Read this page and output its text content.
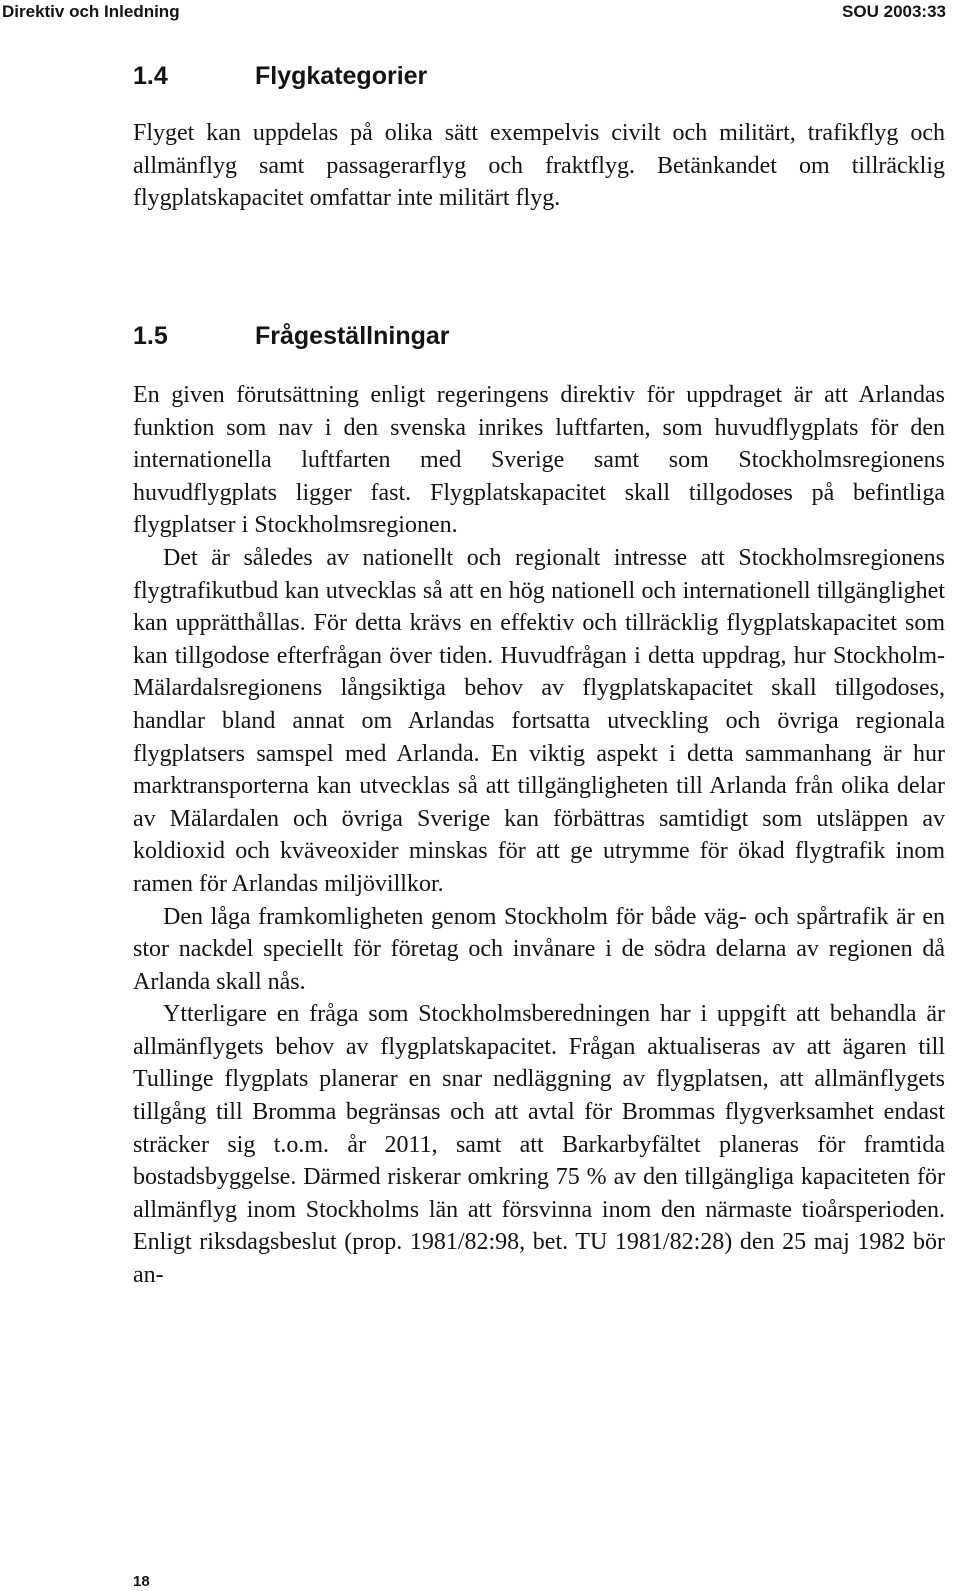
Direktiv och Inledning	SOU 2003:33
1.4	Flygkategorier

Flyget kan uppdelas på olika sätt exempelvis civilt och militärt, trafikflyg och allmänflyg samt passagerarflyg och fraktflyg. Betänkandet om tillräcklig flygplatskapacitet omfattar inte militärt flyg.

1.5	Frågeställningar

En given förutsättning enligt regeringens direktiv för uppdraget är att Arlandas funktion som nav i den svenska inrikes luftfarten, som huvudflygplats för den internationella luftfarten med Sverige samt som Stockholmsregionens huvudflygplats ligger fast. Flygplatskapacitet skall tillgodoses på befintliga flygplatser i Stockholmsregionen.

Det är således av nationellt och regionalt intresse att Stockholmsregionens flygtrafikutbud kan utvecklas så att en hög nationell och internationell tillgänglighet kan upprätthållas. För detta krävs en effektiv och tillräcklig flygplatskapacitet som kan tillgodose efterfrågan över tiden. Huvudfrågan i detta uppdrag, hur Stockholm-Mälardalsregionens långsiktiga behov av flygplatskapacitet skall tillgodoses, handlar bland annat om Arlandas fortsatta utveckling och övriga regionala flygplatsers samspel med Arlanda. En viktig aspekt i detta sammanhang är hur marktransporterna kan utvecklas så att tillgängligheten till Arlanda från olika delar av Mälardalen och övriga Sverige kan förbättras samtidigt som utsläppen av koldioxid och kväveoxider minskas för att ge utrymme för ökad flygtrafik inom ramen för Arlandas miljövillkor.

Den låga framkomligheten genom Stockholm för både väg- och spårtrafik är en stor nackdel speciellt för företag och invånare i de södra delarna av regionen då Arlanda skall nås.

Ytterligare en fråga som Stockholmsberedningen har i uppgift att behandla är allmänflygets behov av flygplatskapacitet. Frågan aktualiseras av att ägaren till Tullinge flygplats planerar en snar nedläggning av flygplatsen, att allmänflygets tillgång till Bromma begränsas och att avtal för Brommas flygverksamhet endast sträcker sig t.o.m. år 2011, samt att Barkarbyfältet planeras för framtida bostadsbyggelse. Därmed riskerar omkring 75 % av den tillgängliga kapaciteten för allmänflyg inom Stockholms län att försvinna inom den närmaste tioårsperioden. Enligt riksdagsbeslut (prop. 1981/82:98, bet. TU 1981/82:28) den 25 maj 1982 bör an-

18
